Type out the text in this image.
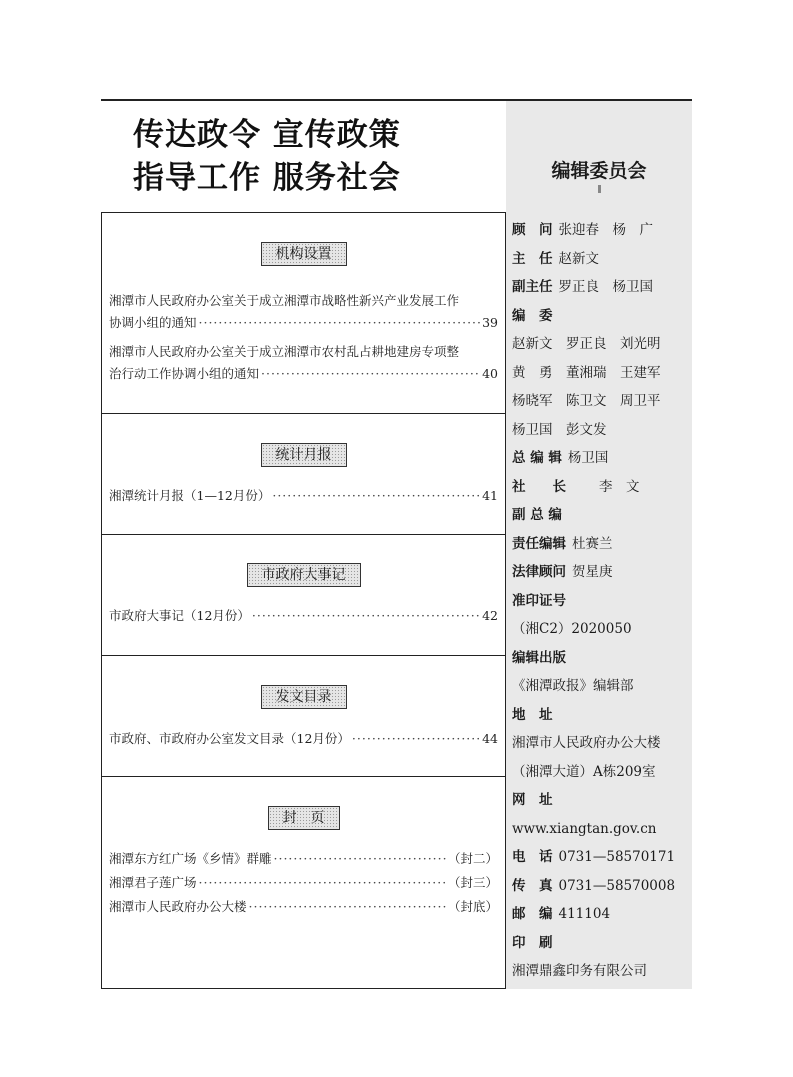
传达政令 宣传政策
指导工作 服务社会
机构设置
湘潭市人民政府办公室关于成立湘潭市战略性新兴产业发展工作
协调小组的通知 ·····	39
湘潭市人民政府办公室关于成立湘潭市农村乱占耕地建房专项整
治行动工作协调小组的通知 ·····	40
统计月报
湘潭统计月报（1—12月份） ·····	41
市政府大事记
市政府大事记（12月份） ·····	42
发文目录
市政府、市政府办公室发文目录（12月份） ·····	44
封　页
湘潭东方红广场《乡情》群雕 ·····	（封二）
湘潭君子莲广场 ·····	（封三）
湘潭市人民政府办公大楼 ·····	（封底）
编辑委员会
顾　问 张迎春　杨　广
主　任 赵新文
副主任 罗正良　杨卫国
编　委
赵新文　罗正良　刘光明
黄　勇　董湘瑞　王建军
杨晓军　陈卫文　周卫平
杨卫国　彭文发
总 编 辑 杨卫国
社　　长　　李　文
副 总 编
责任编辑 杜赛兰
法律顾问 贺星庚
准印证号
（湘C2）2020050
编辑出版
《湘潭政报》编辑部
地　址
湘潭市人民政府办公大楼
（湘潭大道）A栋209室
网　址
www.xiangtan.gov.cn
电　话 0731—58570171
传　真 0731—58570008
邮　编 411104
印　刷
湘潭鼎鑫印务有限公司
